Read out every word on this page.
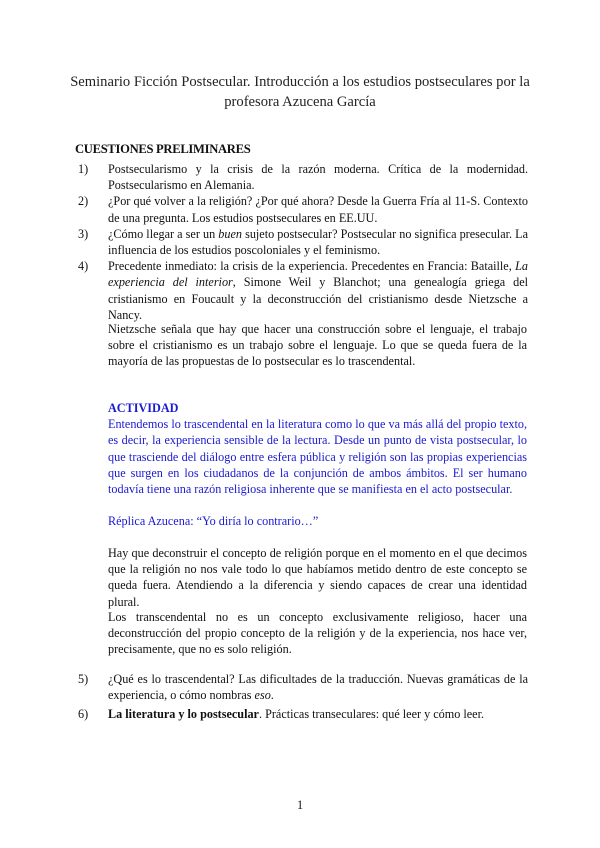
Seminario Ficción Postsecular. Introducción a los estudios postseculares por la profesora Azucena García
CUESTIONES PRELIMINARES
1)	Postsecularismo y la crisis de la razón moderna. Crítica de la modernidad. Postsecularismo en Alemania.
2)	¿Por qué volver a la religión? ¿Por qué ahora? Desde la Guerra Fría al 11-S. Contexto de una pregunta. Los estudios postseculares en EE.UU.
3)	¿Cómo llegar a ser un buen sujeto postsecular? Postsecular no significa presecular. La influencia de los estudios poscoloniales y el feminismo.
4)	Precedente inmediato: la crisis de la experiencia. Precedentes en Francia: Bataille, La experiencia del interior, Simone Weil y Blanchot; una genealogía griega del cristianismo en Foucault y la deconstrucción del cristianismo desde Nietzsche a Nancy.

Nietzsche señala que hay que hacer una construcción sobre el lenguaje, el trabajo sobre el cristianismo es un trabajo sobre el lenguaje. Lo que se queda fuera de la mayoría de las propuestas de lo postsecular es lo trascendental.

ACTIVIDAD
Entendemos lo trascendental en la literatura como lo que va más allá del propio texto, es decir, la experiencia sensible de la lectura. Desde un punto de vista postsecular, lo que trasciende del diálogo entre esfera pública y religión son las propias experiencias que surgen en los ciudadanos de la conjunción de ambos ámbitos. El ser humano todavía tiene una razón religiosa inherente que se manifiesta en el acto postsecular.
Réplica Azucena: “Yo diría lo contrario…”

Hay que deconstruir el concepto de religión porque en el momento en el que decimos que la religión no nos vale todo lo que habíamos metido dentro de este concepto se queda fuera. Atendiendo a la diferencia y siendo capaces de crear una identidad plural.

Los transcendental no es un concepto exclusivamente religioso, hacer una deconstrucción del propio concepto de la religión y de la experiencia, nos hace ver, precisamente, que no es solo religión.

5)	¿Qué es lo trascendental? Las dificultades de la traducción. Nuevas gramáticas de la experiencia, o cómo nombras eso.
6)	La literatura y lo postsecular. Prácticas transeculares: qué leer y cómo leer.
1
